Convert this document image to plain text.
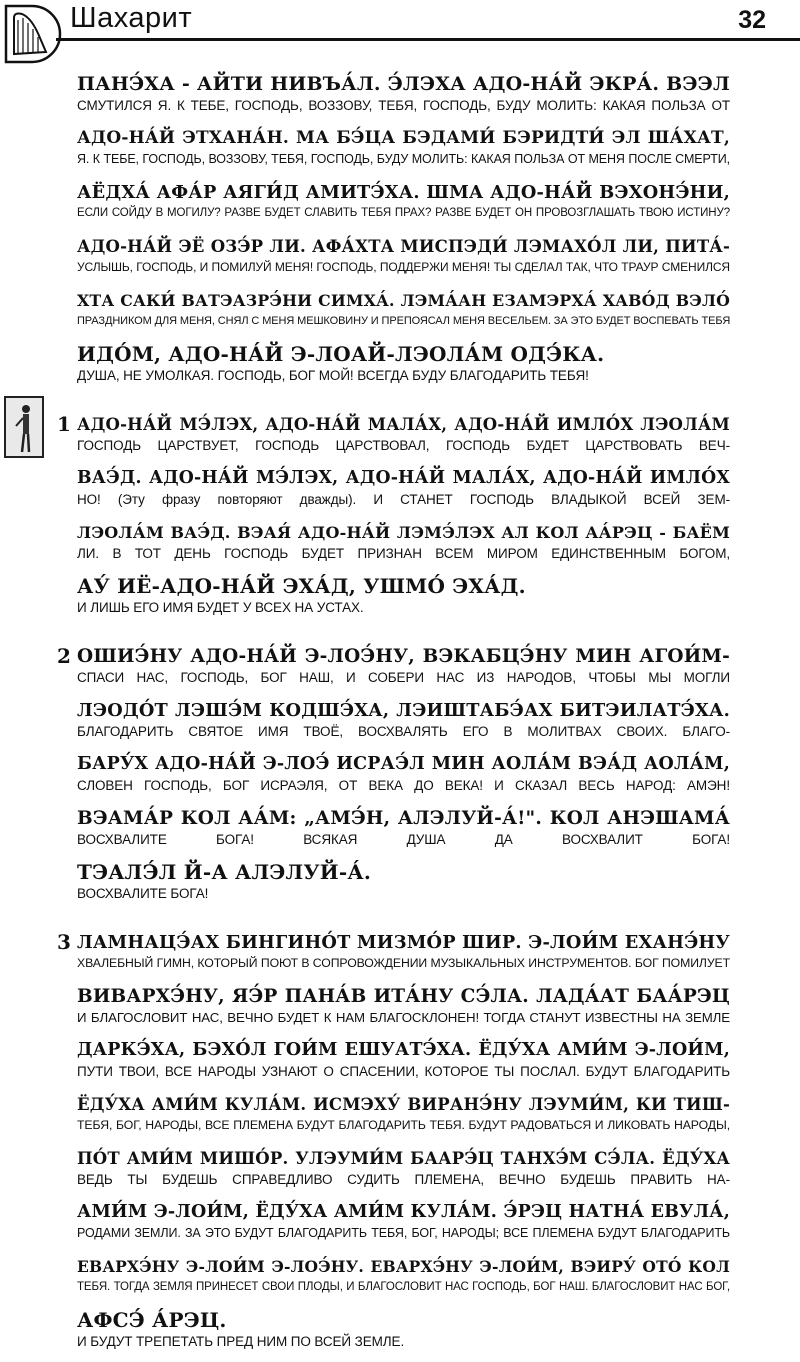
Шахарит	32
ПАНЭ́ХА - АЙТИ НИВЪА́Л. Э́ЛЭХА АДО-НА́Й ЭКРА́. ВЭЭЛ
СМУТИЛСЯ Я. К ТЕБЕ, ГОСПОДЬ, ВОЗЗОВУ, ТЕБЯ, ГОСПОДЬ, БУДУ МОЛИТЬ: КАКАЯ ПОЛЬЗА ОТ
АДО-НА́Й ЭТХАНА́Н. МА БЭ́ЦА БЭДАМИ́ БЭРИДТИ́ ЭЛ ША́ХАТ,
Я. К ТЕБЕ, ГОСПОДЬ, ВОЗЗОВУ, ТЕБЯ, ГОСПОДЬ, БУДУ МОЛИТЬ: КАКАЯ ПОЛЬЗА ОТ МЕНЯ ПОСЛЕ СМЕРТИ,
АЁДХА́ АФА́Р АЯГИ́Д АМИТЭ́ХА. ШМА АДО-НА́Й ВЭХОНЭ́НИ,
ЕСЛИ СОЙДУ В МОГИЛУ? РАЗВЕ БУДЕТ СЛАВИТЬ ТЕБЯ ПРАХ? РАЗВЕ БУДЕТ ОН ПРОВОЗГЛАШАТЬ ТВОЮ ИСТИНУ?
АДО-НА́Й ЭЁ ОЗЭ́Р ЛИ. АФА́ХТА МИСПЭДИ́ ЛЭМАХО́Л ЛИ, ПИТА́-
УСЛЫШЬ, ГОСПОДЬ, И ПОМИЛУЙ МЕНЯ! ГОСПОДЬ, ПОДДЕРЖИ МЕНЯ! ТЫ СДЕЛАЛ ТАК, ЧТО ТРАУР СМЕНИЛСЯ
ХТА САКИ́ ВАТЭАЗРЭ́НИ СИМХА́. ЛЭМА́АН ЕЗАМЭРХА́ ХАВО́Д ВЭЛО́
ПРАЗДНИКОМ ДЛЯ МЕНЯ, СНЯЛ С МЕНЯ МЕШКОВИНУ И ПРЕПОЯСАЛ МЕНЯ ВЕСЕЛЬЕМ. ЗА ЭТО БУДЕТ ВОСПЕВАТЬ ТЕБЯ
ИДО́М, АДО-НА́Й Э-ЛОАЙ-ЛЭОЛА́М ОДЭ́КА.
ДУША, НЕ УМОЛКАЯ. ГОСПОДЬ, БОГ МОЙ! ВСЕГДА БУДУ БЛАГОДАРИТЬ ТЕБЯ!
1 АДО-НА́Й МЭ́ЛЭХ, АДО-НА́Й МАЛА́Х, АДО-НА́Й ИМЛО́Х ЛЭОЛА́М
ГОСПОДЬ ЦАРСТВУЕТ, ГОСПОДЬ ЦАРСТВОВАЛ, ГОСПОДЬ БУДЕТ ЦАРСТВОВАТЬ ВЕЧ-
ВАЭ́Д. АДО-НА́Й МЭ́ЛЭХ, АДО-НА́Й МАЛА́Х, АДО-НА́Й ИМЛО́Х
НО! (Эту фразу повторяют дважды). И СТАНЕТ ГОСПОДЬ ВЛАДЫКОЙ ВСЕЙ ЗЕМ-
ЛЭОЛА́М ВАЭ́Д. ВЭАЯ́ АДО-НА́Й ЛЭМЭ́ЛЭХ АЛ КОЛ АА́РЭЦ - БАЁМ
ЛИ. В ТОТ ДЕНЬ ГОСПОДЬ БУДЕТ ПРИЗНАН ВСЕМ МИРОМ ЕДИНСТВЕННЫМ БОГОМ,
АУ́ ИЁ-АДО-НА́Й ЭХА́Д, УШМО́ ЭХА́Д.
И ЛИШЬ ЕГО ИМЯ БУДЕТ У ВСЕХ НА УСТАХ.
2 ОШИЭ́НУ АДО-НА́Й Э-ЛОЭ́НУ, ВЭКАБЦЭ́НУ МИН АГОИ́М-
СПАСИ НАС, ГОСПОДЬ, БОГ НАШ, И СОБЕРИ НАС ИЗ НАРОДОВ, ЧТОБЫ МЫ МОГЛИ
ЛЭОДО́Т ЛЭШЭ́М КОДШЭ́ХА, ЛЭИШТАБЭ́АХ БИТЭИЛАТЭ́ХА.
БЛАГОДАРИТЬ СВЯТОЕ ИМЯ ТВОЁ, ВОСХВАЛЯТЬ ЕГО В МОЛИТВАХ СВОИХ. БЛАГО-
БАРУ́Х АДО-НА́Й Э-ЛОЭ́ ИСРАЭ́Л МИН АОЛА́М ВЭА́Д АОЛА́М,
СЛОВЕН ГОСПОДЬ, БОГ ИСРАЭЛЯ, ОТ ВЕКА ДО ВЕКА! И СКАЗАЛ ВЕСЬ НАРОД: АМЭН!
ВЭАМА́Р КОЛ АА́М: „АМЭ́Н, АЛЭЛУЙ-А́!". КОЛ АНЭШАМА́
ВОСХВАЛИТЕ БОГА! ВСЯКАЯ ДУША ДА ВОСХВАЛИТ БОГА!
ТЭАЛЭ́Л Й-А АЛЭЛУЙ-А́.
ВОСХВАЛИТЕ БОГА!
3 ЛАМНАЦЭ́АХ БИНГИНО́Т МИЗМО́Р ШИР. Э-ЛОИ́М ЕХАНЭ́НУ
ХВАЛЕБНЫЙ ГИМН, КОТОРЫЙ ПОЮТ В СОПРОВОЖДЕНИИ МУЗЫКАЛЬНЫХ ИНСТРУМЕНТОВ. БОГ ПОМИЛУЕТ
ВИВАРХЭ́НУ, ЯЭ́Р ПАНА́В ИТА́НУ СЭ́ЛА. ЛАДА́АТ БАА́РЭЦ
И БЛАГОСЛОВИТ НАС, ВЕЧНО БУДЕТ К НАМ БЛАГОСКЛОНЕН! ТОГДА СТАНУТ ИЗВЕСТНЫ НА ЗЕМЛЕ
ДАРКЭ́ХА, БЭХО́Л ГОИ́М ЕШУАТЭ́ХА. ЁДУ́ХА АМИ́М Э-ЛОИ́М,
ПУТИ ТВОИ, ВСЕ НАРОДЫ УЗНАЮТ О СПАСЕНИИ, КОТОРОЕ ТЫ ПОСЛАЛ. БУДУТ БЛАГОДАРИТЬ
ЁДУ́ХА АМИ́М КУЛА́М. ИСМЭХУ́ ВИРАНЭ́НУ ЛЭУМИ́М, КИ ТИШ-
ТЕБЯ, БОГ, НАРОДЫ, ВСЕ ПЛЕМЕНА БУДУТ БЛАГОДАРИТЬ ТЕБЯ. БУДУТ РАДОВАТЬСЯ И ЛИКОВАТЬ НАРОДЫ,
ПО́Т АМИ́М МИШО́Р. УЛЭУМИ́М БААРЭ́Ц ТАНХЭ́М СЭ́ЛА. ЁДУ́ХА
ВЕДЬ ТЫ БУДЕШЬ СПРАВЕДЛИВО СУДИТЬ ПЛЕМЕНА, ВЕЧНО БУДЕШЬ ПРАВИТЬ НА-
АМИ́М Э-ЛОИ́М, ЁДУ́ХА АМИ́М КУЛА́М. Э́РЭЦ НАТНА́ ЕВУЛА́,
РОДАМИ ЗЕМЛИ. ЗА ЭТО БУДУТ БЛАГОДАРИТЬ ТЕБЯ, БОГ, НАРОДЫ; ВСЕ ПЛЕМЕНА БУДУТ БЛАГОДАРИТЬ
ЕВАРХЭ́НУ Э-ЛОИ́М Э-ЛОЭ́НУ. ЕВАРХЭ́НУ Э-ЛОИ́М, ВЭИРУ́ ОТО́ КОЛ
ТЕБЯ. ТОГДА ЗЕМЛЯ ПРИНЕСЕТ СВОИ ПЛОДЫ, И БЛАГОСЛОВИТ НАС ГОСПОДЬ, БОГ НАШ. БЛАГОСЛОВИТ НАС БОГ,
АФСЭ́ А́РЭЦ.
И БУДУТ ТРЕПЕТАТЬ ПРЕД НИМ ПО ВСЕЙ ЗЕМЛЕ.
